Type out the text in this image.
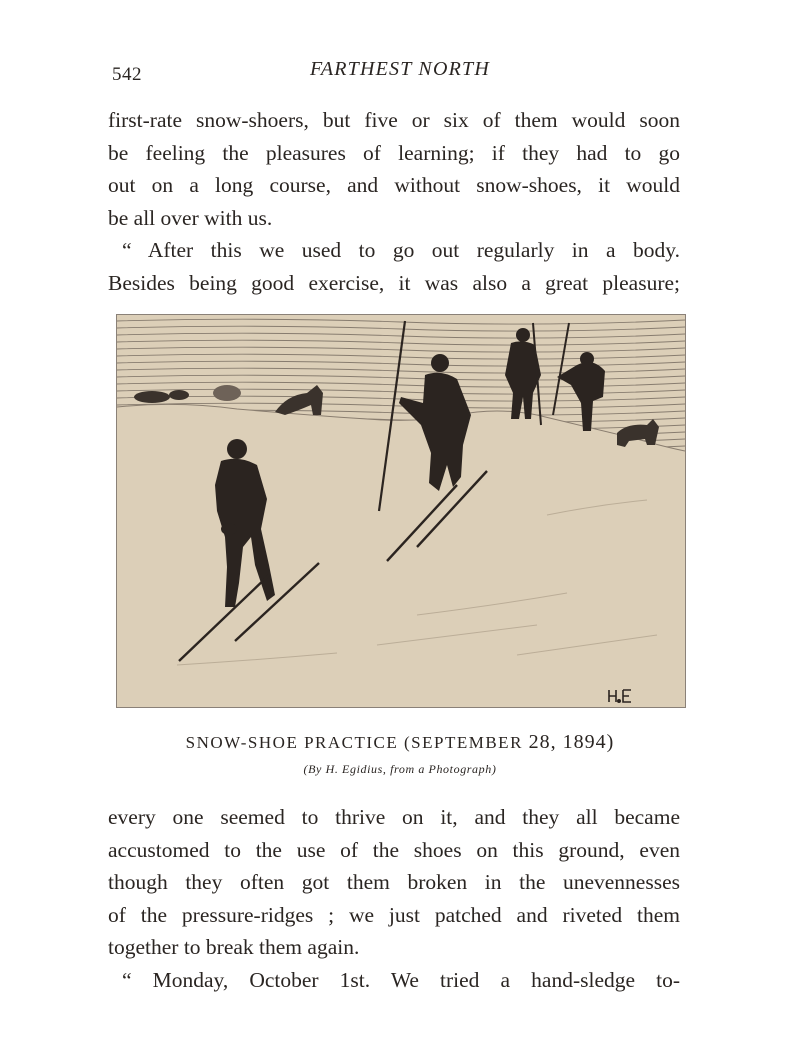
542	FARTHEST NORTH

first-rate snow-shoers, but five or six of them would soon

be feeling the pleasures of learning; if they had to go

out on a long course, and without snow-shoes, it would

be all over with us.

“ After this we used to go out regularly in a body.

Besides being good exercise, it was also a great pleasure;

SNOW-SHOE PRACTICE (SEPTEMBER 28, 1894)
(By H. Egidius, from a Photograph)

every one seemed to thrive on it, and they all became

accustomed to the use of the shoes on this ground, even

though they often got them broken in the unevennesses

of the pressure-ridges ; we just patched and riveted them

together to break them again.

“ Monday, October 1st. We tried a hand-sledge to-
